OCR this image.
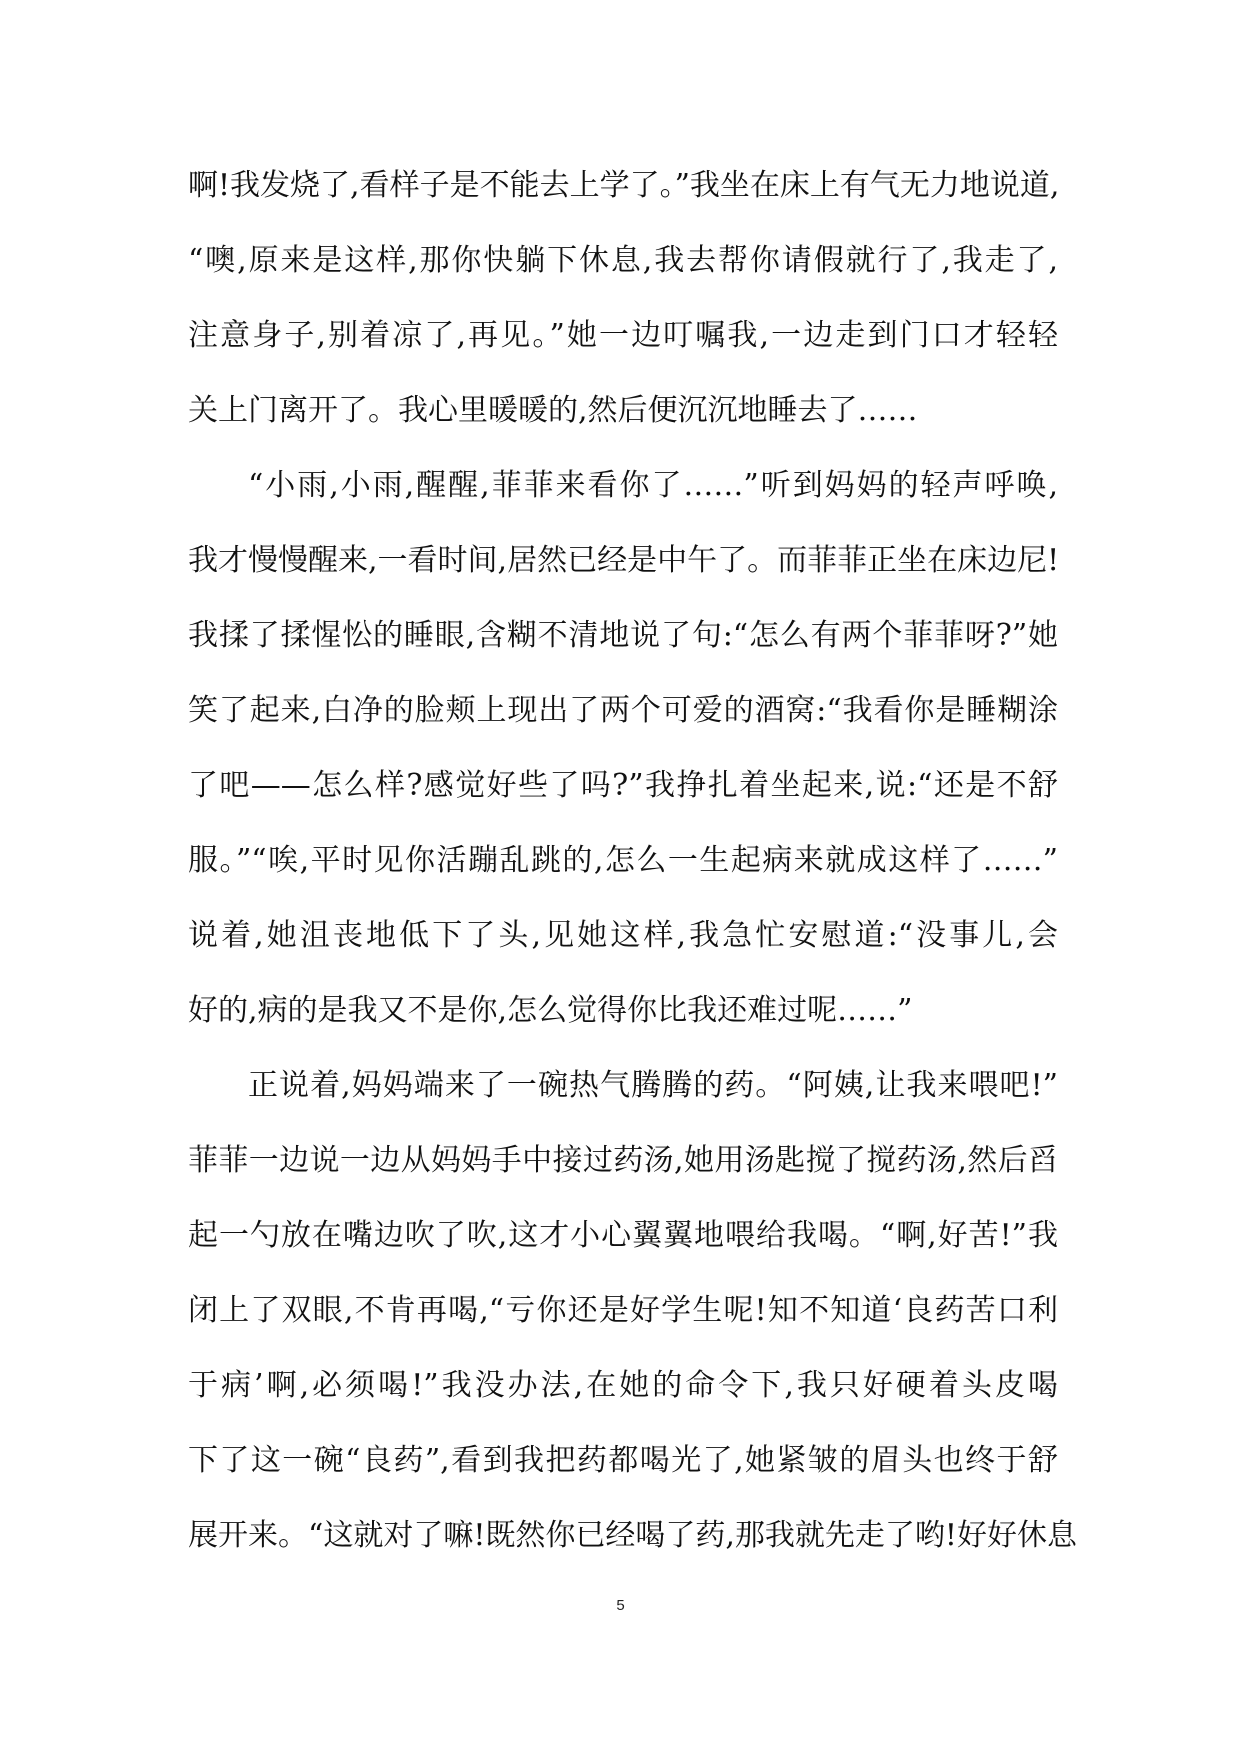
啊!我发烧了,看样子是不能去上学了。”我坐在床上有气无力地说道,
“噢,原来是这样,那你快躺下休息,我去帮你请假就行了,我走了,
注意身子,别着凉了,再见。”她一边叮嘱我,一边走到门口才轻轻
关上门离开了。我心里暖暖的,然后便沉沉地睡去了……
“小雨,小雨,醒醒,菲菲来看你了……”听到妈妈的轻声呼唤,
我才慢慢醒来,一看时间,居然已经是中午了。而菲菲正坐在床边尼!
我揉了揉惺忪的睡眼,含糊不清地说了句:“怎么有两个菲菲呀?”她
笑了起来,白净的脸颊上现出了两个可爱的酒窝:“我看你是睡糊涂
了吧——怎么样?感觉好些了吗?”我挣扎着坐起来,说:“还是不舒
服。”“唉,平时见你活蹦乱跳的,怎么一生起病来就成这样了……”
说着,她沮丧地低下了头,见她这样,我急忙安慰道:“没事儿,会
好的,病的是我又不是你,怎么觉得你比我还难过呢……”
正说着,妈妈端来了一碗热气腾腾的药。“阿姨,让我来喂吧!”
菲菲一边说一边从妈妈手中接过药汤,她用汤匙搅了搅药汤,然后舀
起一勺放在嘴边吹了吹,这才小心翼翼地喂给我喝。“啊,好苦!”我
闭上了双眼,不肯再喝,“亏你还是好学生呢!知不知道‘良药苦口利
于病’啊,必须喝!”我没办法,在她的命令下,我只好硬着头皮喝
下了这一碗“良药”,看到我把药都喝光了,她紧皱的眉头也终于舒
展开来。“这就对了嘛!既然你已经喝了药,那我就先走了哟!好好休息
5
